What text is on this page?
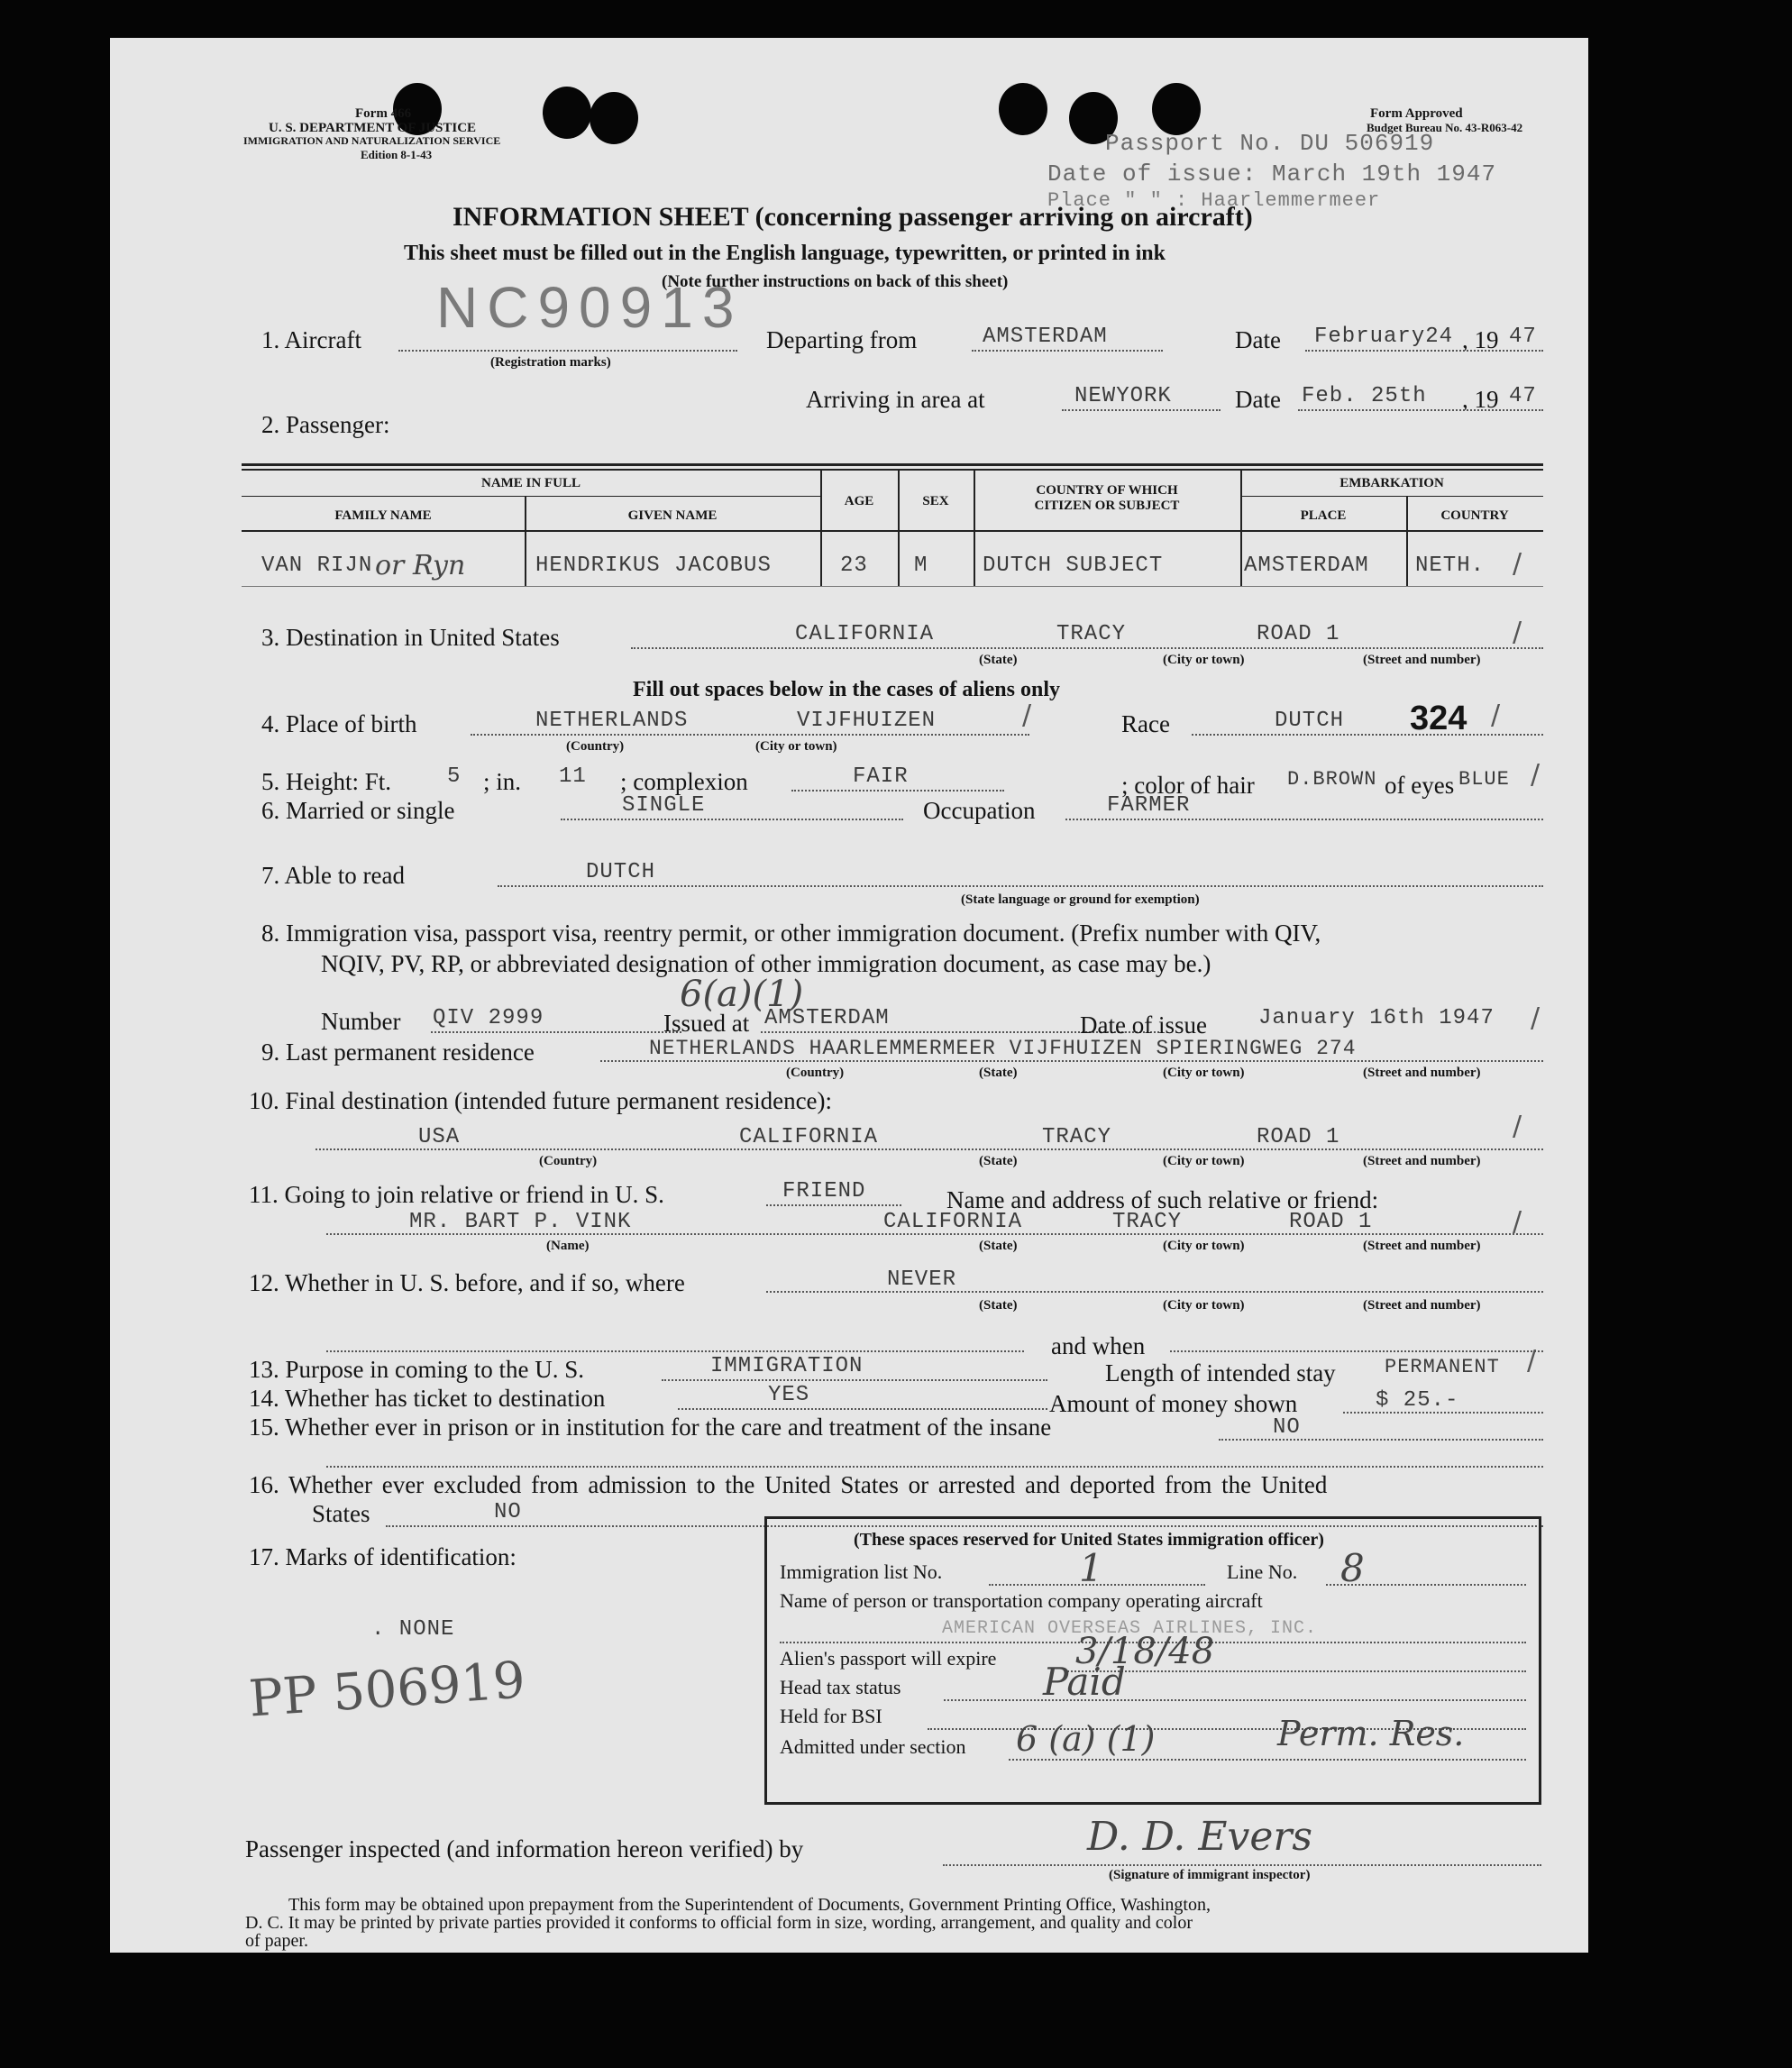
Form 466
U. S. DEPARTMENT OF JUSTICE
IMMIGRATION AND NATURALIZATION SERVICE
Edition 8-1-43
Form Approved
Budget Bureau No. 43-R063-42
Passport No. DU 506919
Date of issue: March 19th 1947
Place " " : Haarlemmermeer
INFORMATION SHEET (concerning passenger arriving on aircraft)
This sheet must be filled out in the English language, typewritten, or printed in ink
(Note further instructions on back of this sheet)
NC90913
1. Aircraft
(Registration marks)
Departing from	AMSTERDAM	Date February24 , 19 47
Arriving in area at	NEWYORK	Date Feb. 25th , 19 47
2. Passenger:
NAME IN FULL
FAMILY NAME	GIVEN NAME
AGE	SEX
COUNTRY OF WHICH CITIZEN OR SUBJECT
EMBARKATION
PLACE	COUNTRY
VAN RIJN or Ryn	HENDRIKUS JACOBUS	23 M	DUTCH SUBJECT	AMSTERDAM NETH.
3. Destination in United States	CALIFORNIA	TRACY	ROAD 1
(State)	(City or town)	(Street and number)
Fill out spaces below in the cases of aliens only
4. Place of birth	NETHERLANDS	VIJFHUIZEN
(Country)	(City or town)
Race	DUTCH 324
5. Height: Ft.	5 ; in. 11 ; complexion	FAIR	; color of hair D.BROWN of eyes BLUE
6. Married or single	SINGLE	Occupation	FARMER
7. Able to read	DUTCH
(State language or ground for exemption)
8. Immigration visa, passport visa, reentry permit, or other immigration document. (Prefix number with QIV,
NQIV, PV, RP, or abbreviated designation of other immigration document, as case may be.)
6(a)(1)
Number QIV 2999	Issued at AMSTERDAM	Date of issue January 16th 1947
9. Last permanent residence	NETHERLANDS HAARLEMMERMEER VIJFHUIZEN SPIERINGWEG 274
(Country)	(State)	(City or town)	(Street and number)
10. Final destination (intended future permanent residence):
USA	CALIFORNIA	TRACY	ROAD 1
(Country)	(State)	(City or town)	(Street and number)
11. Going to join relative or friend in U. S.	FRIEND	Name and address of such relative or friend:
MR. BART P. VINK	CALIFORNIA	TRACY	ROAD 1
(Name)	(State)	(City or town)	(Street and number)
12. Whether in U. S. before, and if so, where	NEVER
(State)	(City or town)	(Street and number)
and when
13. Purpose in coming to the U. S.	IMMIGRATION	Length of intended stay PERMANENT
14. Whether has ticket to destination	YES	Amount of money shown	$ 25.-
15. Whether ever in prison or in institution for the care and treatment of the insane	NO
16. Whether ever excluded from admission to the United States or arrested and deported from the United
States	NO
17. Marks of identification:
. NONE
PP 506919
(These spaces reserved for United States immigration officer)
Immigration list No.	1	Line No. 8
Name of person or transportation company operating aircraft
AMERICAN OVERSEAS AIRLINES, INC.
Alien's passport will expire 3/18/48
Head tax status	Paid
Held for BSI
Admitted under section 6 (a) (1)	Perm. Res.
Passenger inspected (and information hereon verified) by	D. D. Evers
(Signature of immigrant inspector)
This form may be obtained upon prepayment from the Superintendent of Documents, Government Printing Office, Washington,
D. C. It may be printed by private parties provided it conforms to official form in size, wording, arrangement, and quality and color
of paper.
/
/
/	/
/
/
/
/
/
